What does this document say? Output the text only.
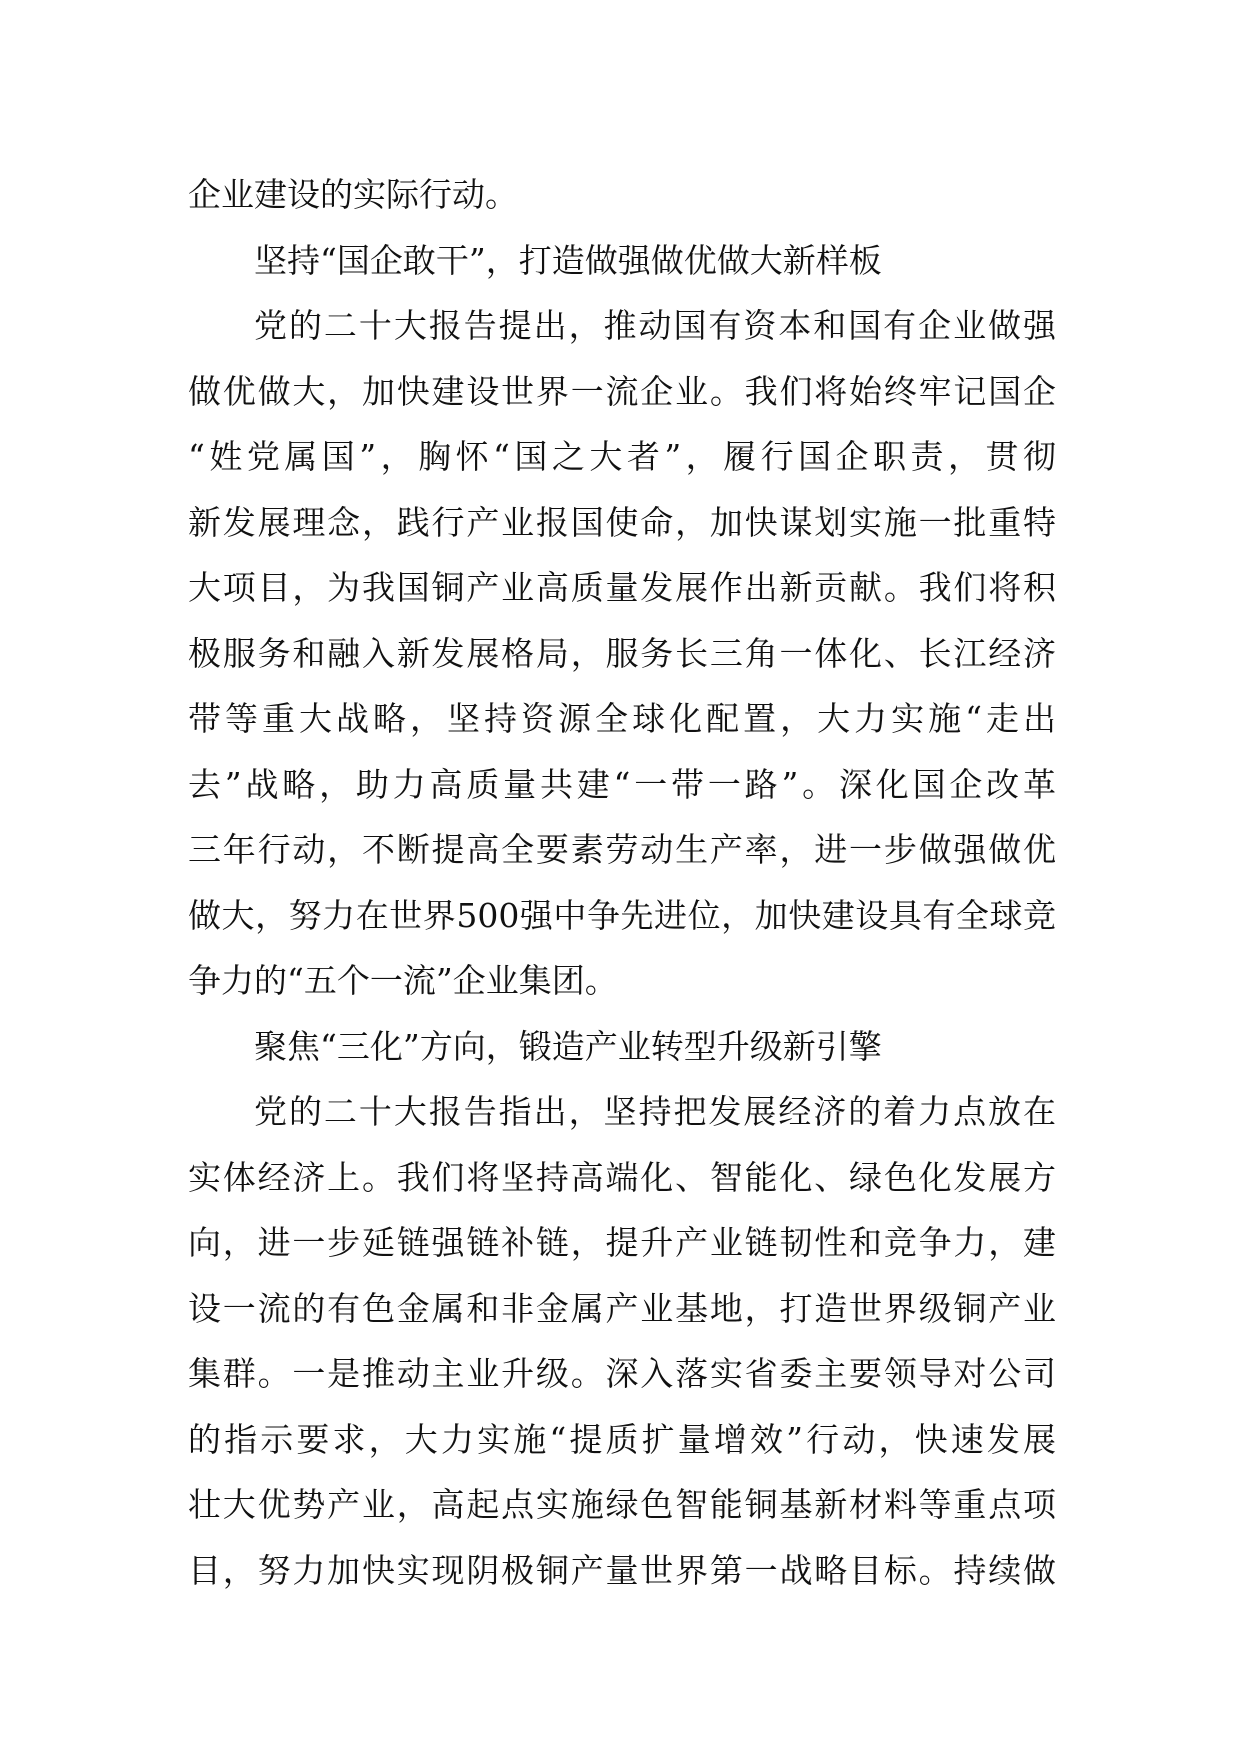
企业建设的实际行动。
坚持“国企敢干”，打造做强做优做大新样板
党的二十大报告提出，推动国有资本和国有企业做强
做优做大，加快建设世界一流企业。我们将始终牢记国企
“姓党属国”，胸怀“国之大者”，履行国企职责，贯彻
新发展理念，践行产业报国使命，加快谋划实施一批重特
大项目，为我国铜产业高质量发展作出新贡献。我们将积
极服务和融入新发展格局，服务长三角一体化、长江经济
带等重大战略，坚持资源全球化配置，大力实施“走出
去”战略，助力高质量共建“一带一路”。深化国企改革
三年行动，不断提高全要素劳动生产率，进一步做强做优
做大，努力在世界500强中争先进位，加快建设具有全球竞
争力的“五个一流”企业集团。
聚焦“三化”方向，锻造产业转型升级新引擎
党的二十大报告指出，坚持把发展经济的着力点放在
实体经济上。我们将坚持高端化、智能化、绿色化发展方
向，进一步延链强链补链，提升产业链韧性和竞争力，建
设一流的有色金属和非金属产业基地，打造世界级铜产业
集群。一是推动主业升级。深入落实省委主要领导对公司
的指示要求，大力实施“提质扩量增效”行动，快速发展
壮大优势产业，高起点实施绿色智能铜基新材料等重点项
目，努力加快实现阴极铜产量世界第一战略目标。持续做
